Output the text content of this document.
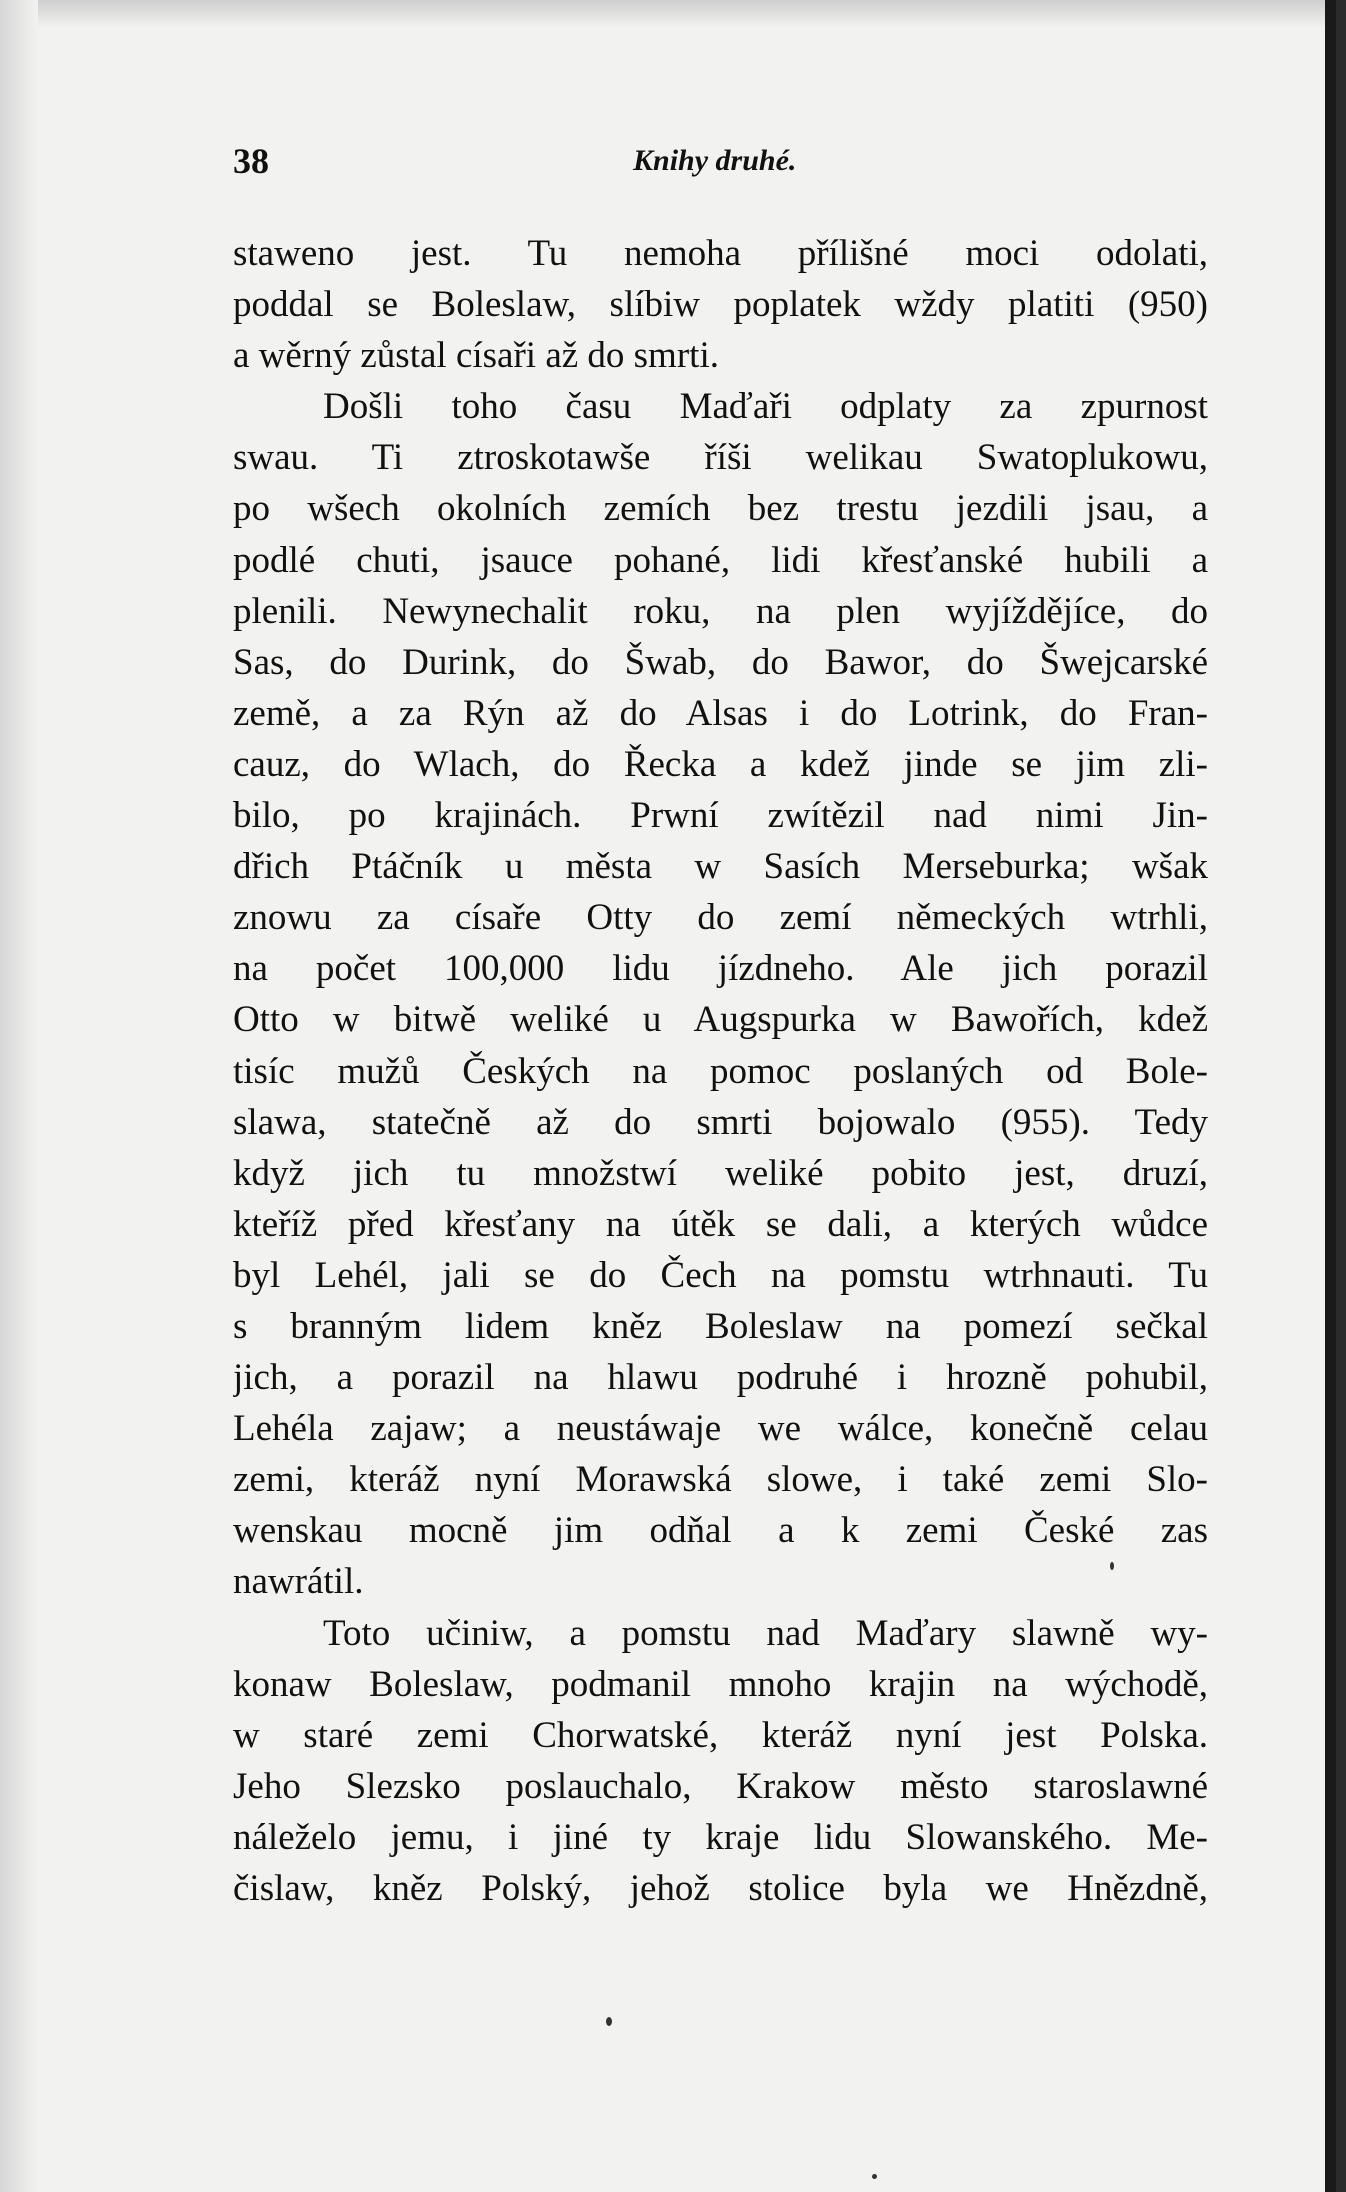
38	Knihy druhé.
staweno jest. Tu nemoha přílišné moci odolati,
poddal se Boleslaw, slíbiw poplatek wždy platiti (950)
a wěrný zůstal císaři až do smrti.
Došli toho času Maďaři odplaty za zpurnost
swau. Ti ztroskotawše říši welikau Swatoplukowu,
po wšech okolních zemích bez trestu jezdili jsau, a
podlé chuti, jsauce pohané, lidi křesťanské hubili a
plenili. Newynechalit roku, na plen wyjíždějíce, do
Sas, do Durink, do Šwab, do Bawor, do Šwejcarské
země, a za Rýn až do Alsas i do Lotrink, do Fran-
cauz, do Wlach, do Řecka a kdež jinde se jim zli-
bilo, po krajinách. Prwní zwítězil nad nimi Jin-
dřich Ptáčník u města w Sasích Merseburka; wšak
znowu za císaře Otty do zemí německých wtrhli,
na počet 100,000 lidu jízdneho. Ale jich porazil
Otto w bitwě weliké u Augspurka w Bawořích, kdež
tisíc mužů Českých na pomoc poslaných od Bole-
slawa, statečně až do smrti bojowalo (955). Tedy
když jich tu množstwí weliké pobito jest, druzí,
kteříž před křesťany na útěk se dali, a kterých wůdce
byl Lehél, jali se do Čech na pomstu wtrhnauti. Tu
s branným lidem kněz Boleslaw na pomezí sečkal
jich, a porazil na hlawu podruhé i hrozně pohubil,
Lehéla zajaw; a neustáwaje we wálce, konečně celau
zemi, kteráž nyní Morawská slowe, i také zemi Slo-
wenskau mocně jim odňal a k zemi České zas
nawrátil.
Toto učiniw, a pomstu nad Maďary slawně wy-
konaw Boleslaw, podmanil mnoho krajin na wýchodě,
w staré zemi Chorwatské, kteráž nyní jest Polska.
Jeho Slezsko poslauchalo, Krakow město staroslawné
náleželo jemu, i jiné ty kraje lidu Slowanského. Me-
čislaw, kněz Polský, jehož stolice byla we Hnězdně,
